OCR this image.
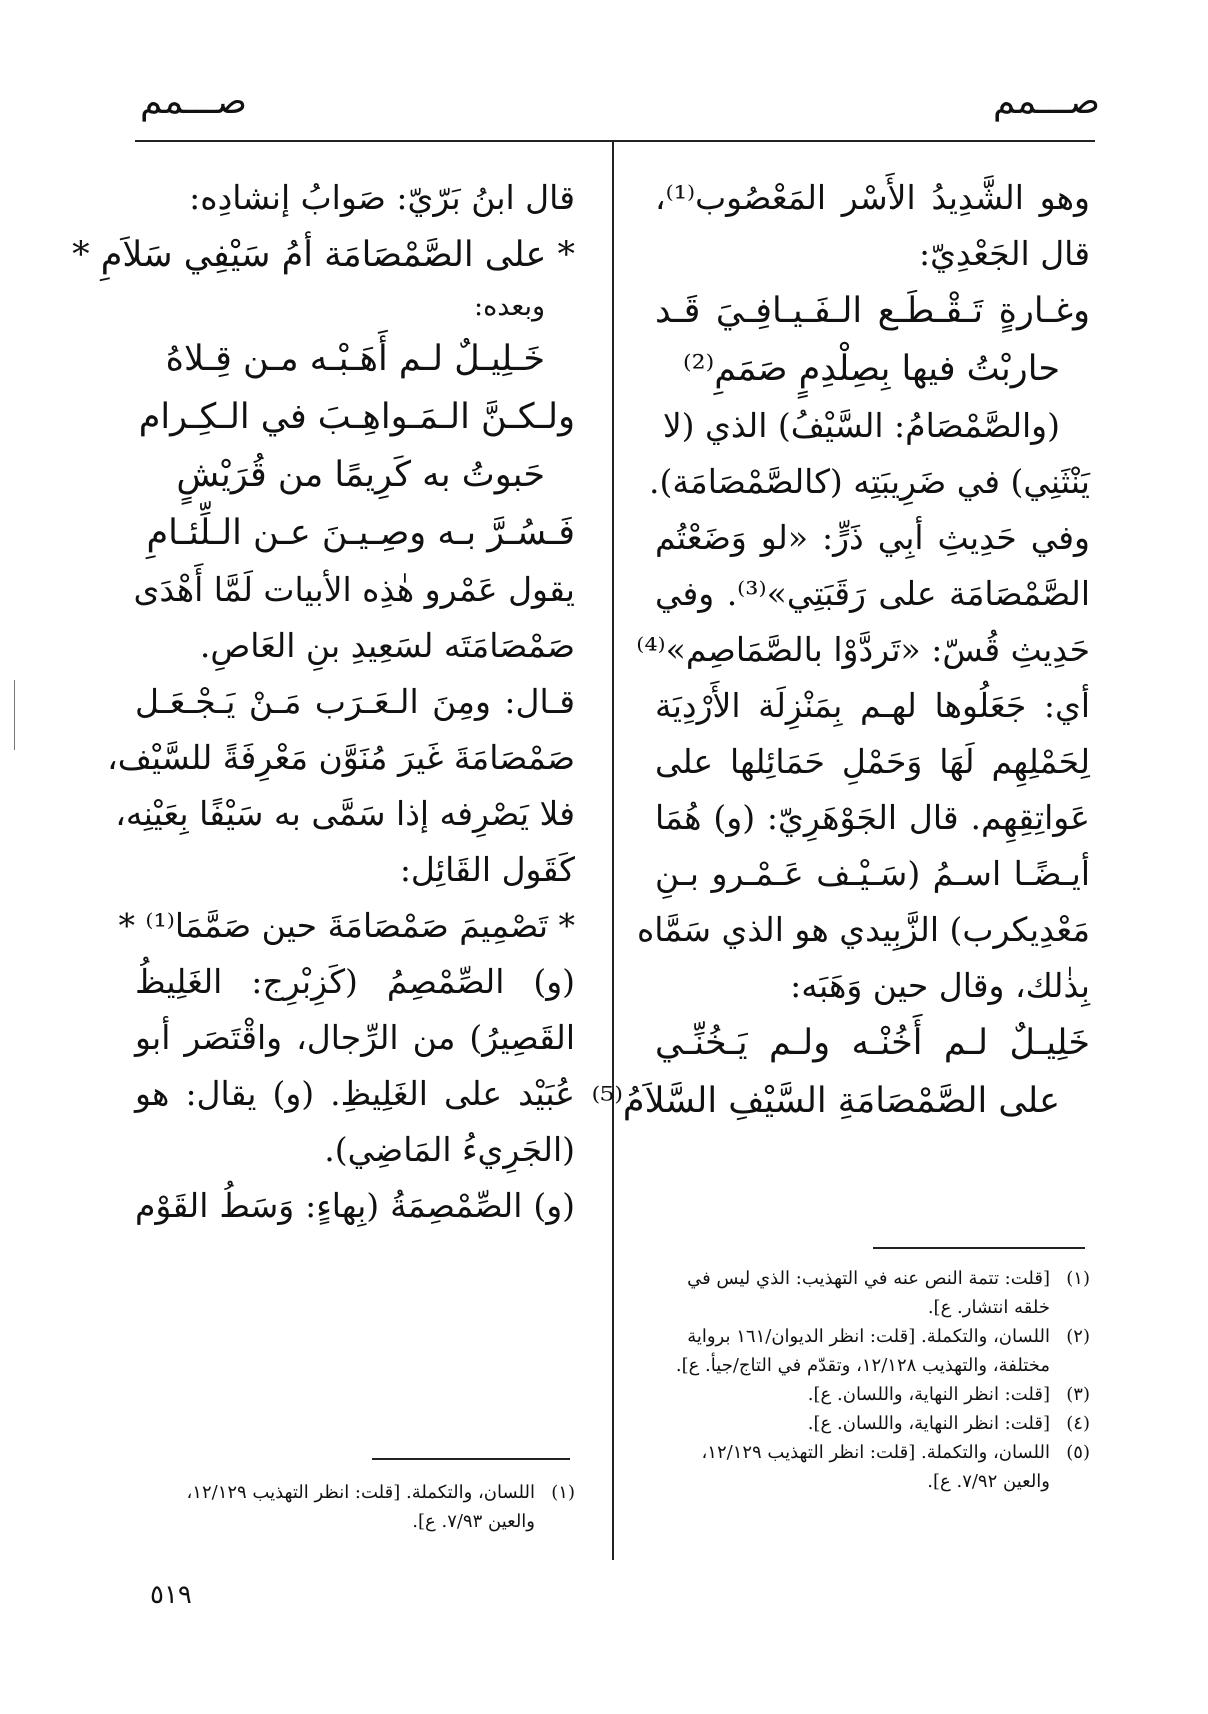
صـــمم
صـــمم
وهو الشَّدِيدُ الأَسْر المَعْصُوب⁽¹⁾،
قال الجَعْدِيّ:
وغـارةٍ تَـقْـطَـع الـفَـيـافِـيَ قَـد
حاربْتُ فيها بِصِلْدِمٍ صَمَمِ⁽²⁾
(والصَّمْصَامُ: السَّيْفُ) الذي (لا
يَنْثَنِي) في ضَرِيبَتِه (كالصَّمْصَامَة).
وفي حَدِيثِ أبِي ذَرٍّ: «لو وَضَعْتُم
الصَّمْصَامَة على رَقَبَتِي»⁽³⁾. وفي
حَدِيثِ قُسّ: «تَردَّوْا بالصَّمَاصِم»⁽⁴⁾
أي: جَعَلُوها لهـم بِمَنْزِلَة الأَرْدِيَة
لِحَمْلِهِم لَهَا وَحَمْلِ حَمَائِلها على
عَواتِقِهِم. قال الجَوْهَرِيّ: (و) هُمَا
أيـضًـا اسـمُ (سَـيْـف عَـمْـرو بـنِ
مَعْدِيكرب) الزَّبِيدي هو الذي سَمَّاه
بِذٰلك، وقال حين وَهَبَه:
خَلِيـلٌ لـم أَخُنْـه ولـم يَـخُنِّـي
على الصَّمْصَامَةِ السَّيْفِ السَّلاَمُ⁽⁵⁾
(١)
[قلت: تتمة النص عنه في التهذيب: الذي ليس في
خلقه انتشار. ع].
(٢)
اللسان، والتكملة. [قلت: انظر الديوان/١٦١ برواية
مختلفة، والتهذيب ١٢/١٢٨، وتقدّم في التاج/جيأ. ع].
(٣)
[قلت: انظر النهاية، واللسان. ع].
(٤)
[قلت: انظر النهاية، واللسان. ع].
(٥)
اللسان، والتكملة. [قلت: انظر التهذيب ١٢/١٢٩،
والعين ٧/٩٢. ع].
قال ابنُ بَرّيّ: صَوابُ إنشادِه:
* على الصَّمْصَامَة أمُ سَيْفِي سَلاَمِ *
وبعده:
خَـلِيـلٌ لـم أَهَـبْـه مـن قِـلاهُ
ولـكـنَّ الـمَـواهِـبَ في الـكِـرام
حَبوتُ به كَرِيمًا من قُرَيْشٍ
فَـسُـرَّ بـه وصِـيـنَ عـن الـلِّئـامِ
يقول عَمْرو هٰذِه الأبيات لَمَّا أَهْدَى
صَمْصَامَتَه لسَعِيدِ بنِ العَاصِ.
قـال: ومِنَ الـعَـرَب مَـنْ يَـجْـعَـل
صَمْصَامَةَ غَيرَ مُنَوَّن مَعْرِفَةً للسَّيْف،
فلا يَصْرِفه إذا سَمَّى به سَيْفًا بِعَيْنِه،
كَقَول القَائِل:
* تَصْمِيمَ صَمْصَامَةَ حين صَمَّمَا⁽¹⁾ *
(و) الصِّمْصِمُ (كَزِبْرِج: الغَلِيظُ
القَصِيرُ) من الرِّجال، واقْتَصَر أبو
عُبَيْد على الغَلِيظِ. (و) يقال: هو
(الجَرِيءُ المَاضِي).
(و) الصِّمْصِمَةُ (بِهاءٍ: وَسَطُ القَوْم
(١)
اللسان، والتكملة. [قلت: انظر التهذيب ١٢/١٢٩،
والعين ٧/٩٣. ع].
٥١٩
